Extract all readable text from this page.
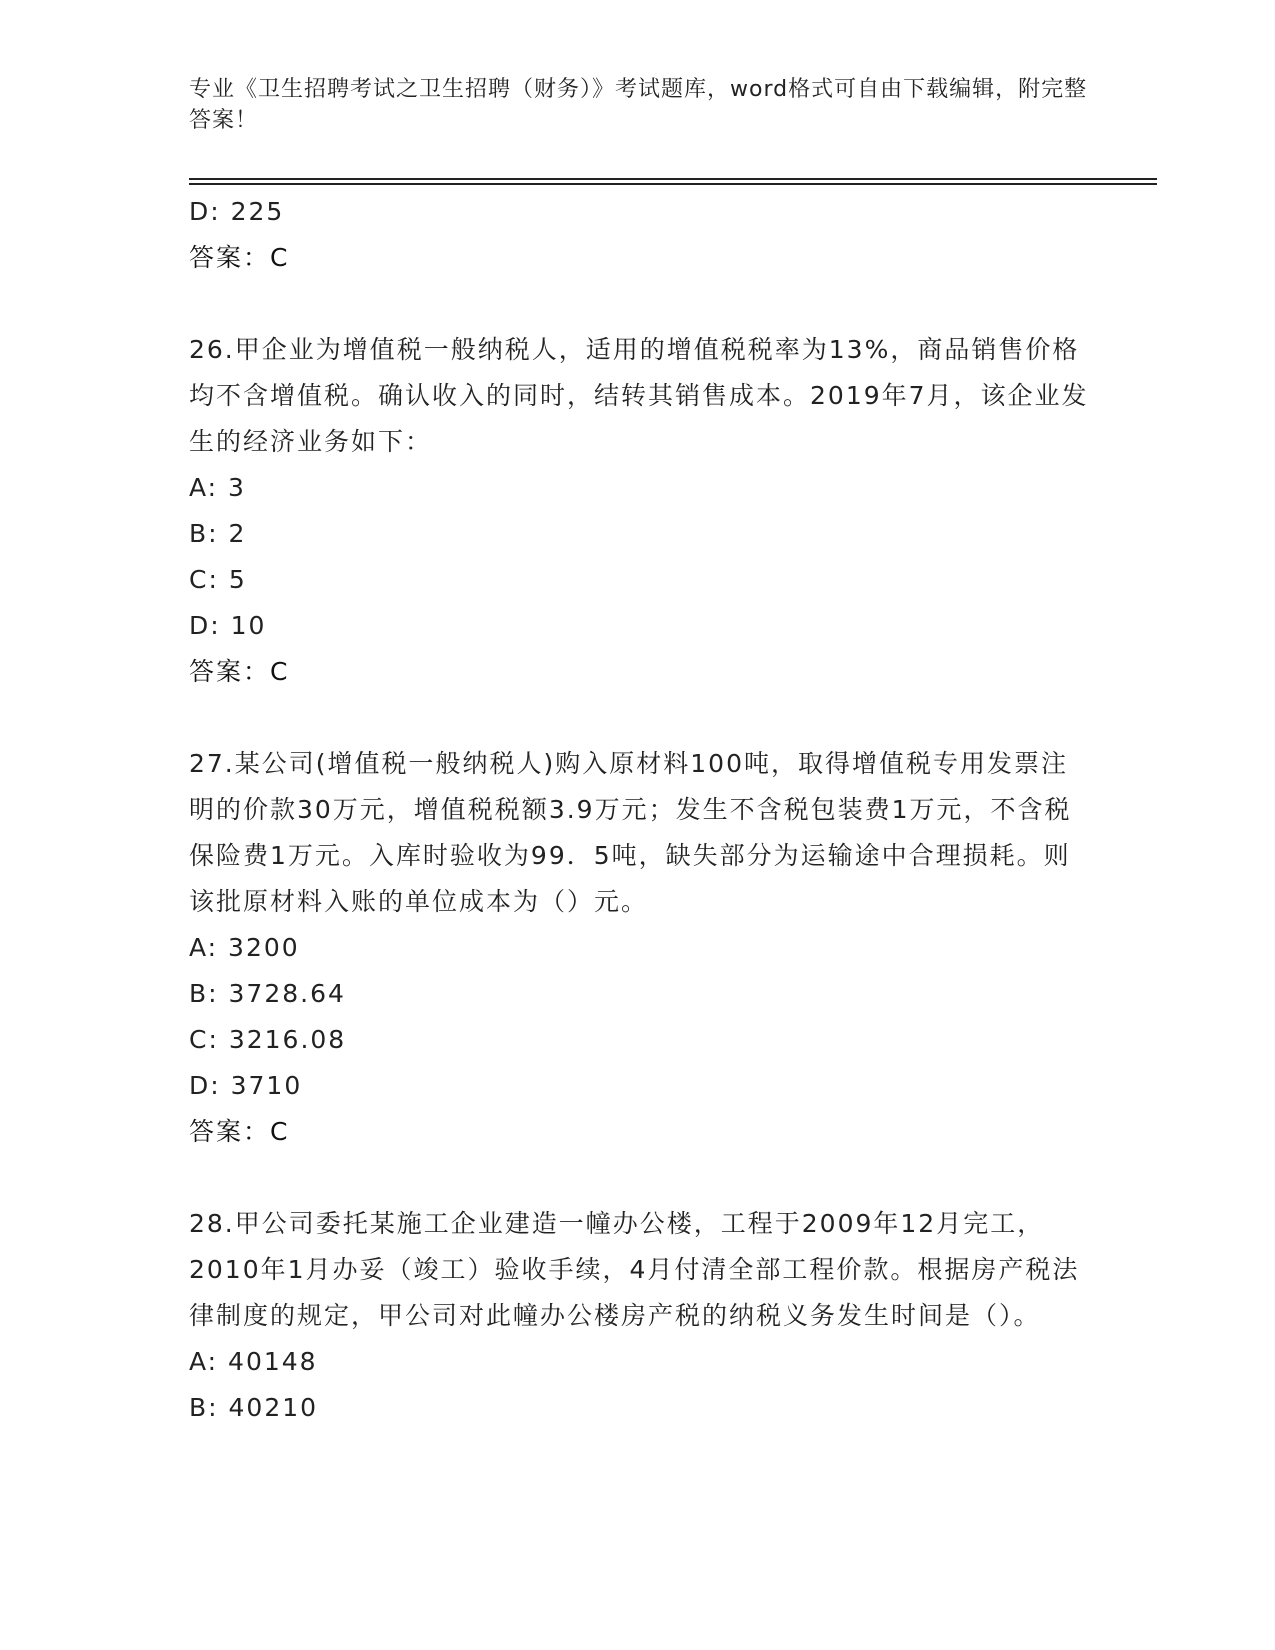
专业《卫生招聘考试之卫生招聘（财务）》考试题库，word格式可自由下载编辑，附完整答案！
D: 225
答案：C
26.甲企业为增值税一般纳税人，适用的增值税税率为13%，商品销售价格均不含增值税。确认收入的同时，结转其销售成本。2019年7月，该企业发生的经济业务如下：
A: 3
B: 2
C: 5
D: 10
答案：C
27.某公司(增值税一般纳税人)购入原材料100吨，取得增值税专用发票注明的价款30万元，增值税税额3.9万元；发生不含税包装费1万元，不含税保险费1万元。入库时验收为99．5吨，缺失部分为运输途中合理损耗。则该批原材料入账的单位成本为（）元。
A: 3200
B: 3728.64
C: 3216.08
D: 3710
答案：C
28.甲公司委托某施工企业建造一幢办公楼，工程于2009年12月完工，2010年1月办妥（竣工）验收手续，4月付清全部工程价款。根据房产税法律制度的规定，甲公司对此幢办公楼房产税的纳税义务发生时间是（）。
A: 40148
B: 40210
